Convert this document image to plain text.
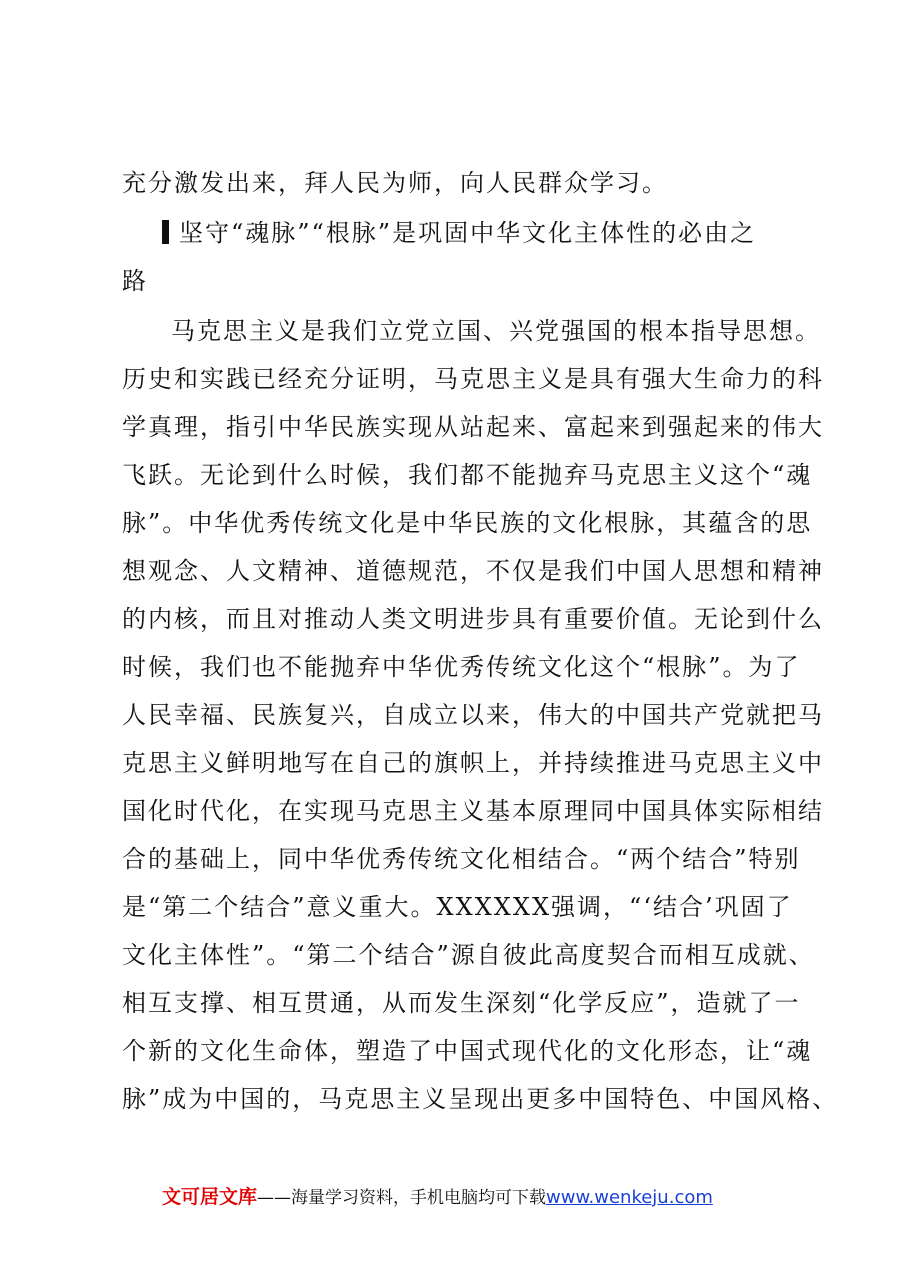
充分激发出来，拜人民为师，向人民群众学习。
坚守“魂脉”“根脉”是巩固中华文化主体性的必由之
路
马克思主义是我们立党立国、兴党强国的根本指导思想。
历史和实践已经充分证明，马克思主义是具有强大生命力的科
学真理，指引中华民族实现从站起来、富起来到强起来的伟大
飞跃。无论到什么时候，我们都不能抛弃马克思主义这个“魂
脉”。中华优秀传统文化是中华民族的文化根脉，其蕴含的思
想观念、人文精神、道德规范，不仅是我们中国人思想和精神
的内核，而且对推动人类文明进步具有重要价值。无论到什么
时候，我们也不能抛弃中华优秀传统文化这个“根脉”。为了
人民幸福、民族复兴，自成立以来，伟大的中国共产党就把马
克思主义鲜明地写在自己的旗帜上，并持续推进马克思主义中
国化时代化，在实现马克思主义基本原理同中国具体实际相结
合的基础上，同中华优秀传统文化相结合。“两个结合”特别
是“第二个结合”意义重大。XXXXXX强调，“‘结合’巩固了
文化主体性”。“第二个结合”源自彼此高度契合而相互成就、
相互支撑、相互贯通，从而发生深刻“化学反应”，造就了一
个新的文化生命体，塑造了中国式现代化的文化形态，让“魂
脉”成为中国的，马克思主义呈现出更多中国特色、中国风格、
文可居文库——海量学习资料，手机电脑均可下载www.wenkeju.com
